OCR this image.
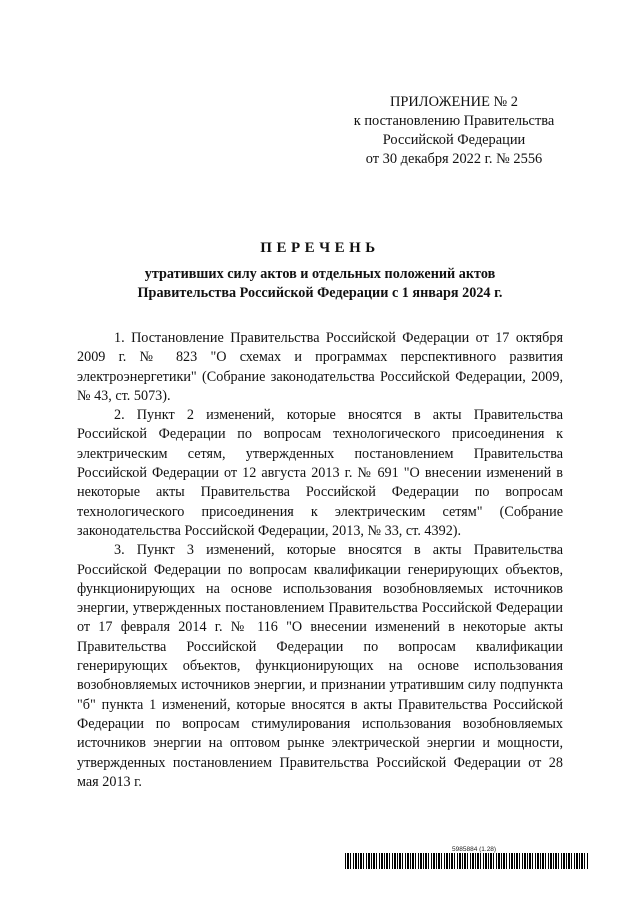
ПРИЛОЖЕНИЕ № 2
к постановлению Правительства
Российской Федерации
от 30 декабря 2022 г. № 2556
ПЕРЕЧЕНЬ
утративших силу актов и отдельных положений актов
Правительства Российской Федерации с 1 января 2024 г.

1. Постановление Правительства Российской Федерации от 17 октября 2009 г. № 823 "О схемах и программах перспективного развития электроэнергетики" (Собрание законодательства Российской Федерации, 2009, № 43, ст. 5073).

2. Пункт 2 изменений, которые вносятся в акты Правительства Российской Федерации по вопросам технологического присоединения к электрическим сетям, утвержденных постановлением Правительства Российской Федерации от 12 августа 2013 г. № 691 "О внесении изменений в некоторые акты Правительства Российской Федерации по вопросам технологического присоединения к электрическим сетям" (Собрание законодательства Российской Федерации, 2013, № 33, ст. 4392).

3. Пункт 3 изменений, которые вносятся в акты Правительства Российской Федерации по вопросам квалификации генерирующих объектов, функционирующих на основе использования возобновляемых источников энергии, утвержденных постановлением Правительства Российской Федерации от 17 февраля 2014 г. № 116 "О внесении изменений в некоторые акты Правительства Российской Федерации по вопросам квалификации генерирующих объектов, функционирующих на основе использования возобновляемых источников энергии, и признании утратившим силу подпункта "б" пункта 1 изменений, которые вносятся в акты Правительства Российской Федерации по вопросам стимулирования использования возобновляемых источников энергии на оптовом рынке электрической энергии и мощности, утвержденных постановлением Правительства Российской Федерации от 28 мая 2013 г.

5985884 (1.28)
